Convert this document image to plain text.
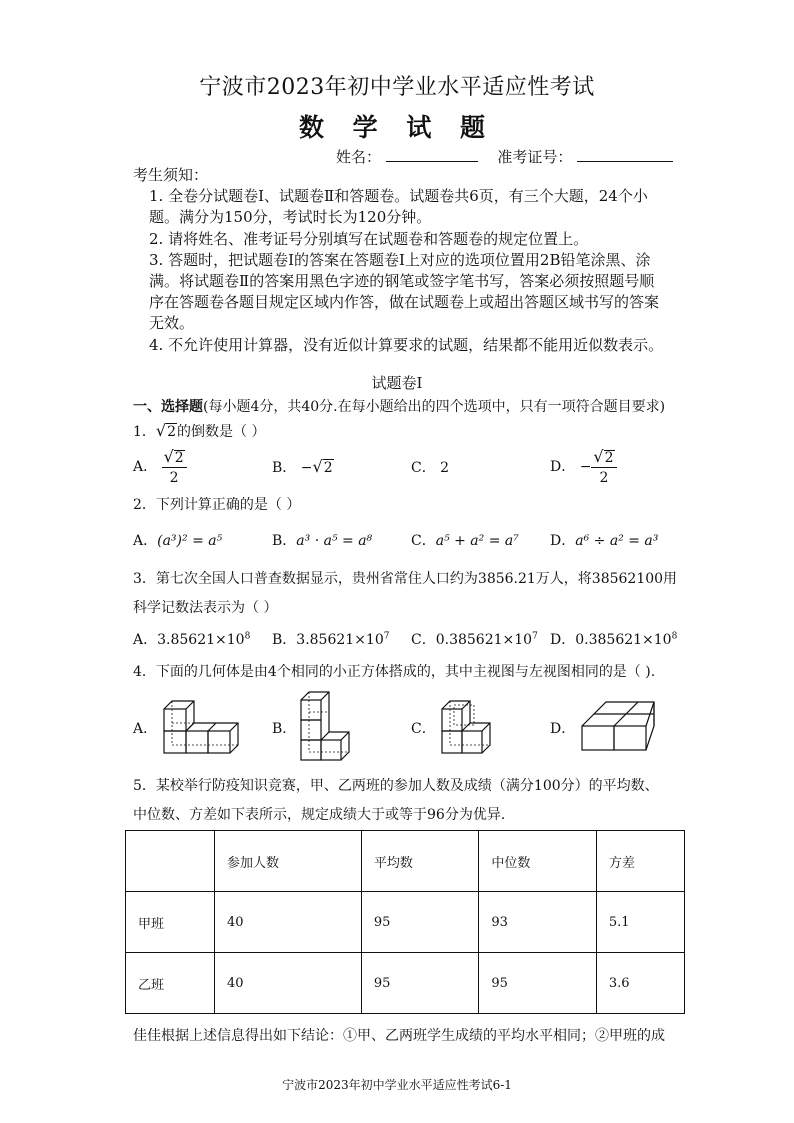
宁波市2023年初中学业水平适应性考试
数 学 试 题
姓名：	准考证号：
考生须知：
1. 全卷分试题卷Ⅰ、试题卷Ⅱ和答题卷。试题卷共6页，有三个大题，24个小题。满分为150分，考试时长为120分钟。
2. 请将姓名、准考证号分别填写在试题卷和答题卷的规定位置上。
3. 答题时，把试题卷Ⅰ的答案在答题卷Ⅰ上对应的选项位置用2B铅笔涂黑、涂满。将试题卷Ⅱ的答案用黑色字迹的钢笔或签字笔书写，答案必须按照题号顺序在答题卷各题目规定区域内作答，做在试题卷上或超出答题区域书写的答案无效。
4. 不允许使用计算器，没有近似计算要求的试题，结果都不能用近似数表示。
试题卷Ⅰ
一、选择题(每小题4分，共40分.在每小题给出的四个选项中，只有一项符合题目要求)
1．√2的倒数是（ ）
A． $\frac{√2}{2}$	B． −√2	C． 2	D． − $\frac{√2}{2}$
2．下列计算正确的是（ ）
A．(a³)² = a⁵	B．a³ · a⁵ = a⁸	C．a⁵ + a² = a⁷ D．a⁶ ÷ a² = a³
3．第七次全国人口普查数据显示，贵州省常住人口约为3856.21万人，将38562100用
科学记数法表示为（ ）
A．$3.85621\times 10^8$ B．$3.85621\times 10^7$ C．$0.385621\times 10^7$ D．$0.385621\times 10^8$
4．下面的几何体是由4个相同的小正方体搭成的，其中主视图与左视图相同的是（ ).
A．	B．	C．	D．
5．某校举行防疫知识竞赛，甲、乙两班的参加人数及成绩（满分100分）的平均数、
中位数、方差如下表所示，规定成绩大于或等于96分为优异.
	参加人数	平均数	中位数	方差
甲班	40	95	93	5.1
乙班	40	95	95	3.6
佳佳根据上述信息得出如下结论：①甲、乙两班学生成绩的平均水平相同；②甲班的成
宁波市2023年初中学业水平适应性考试6-1
